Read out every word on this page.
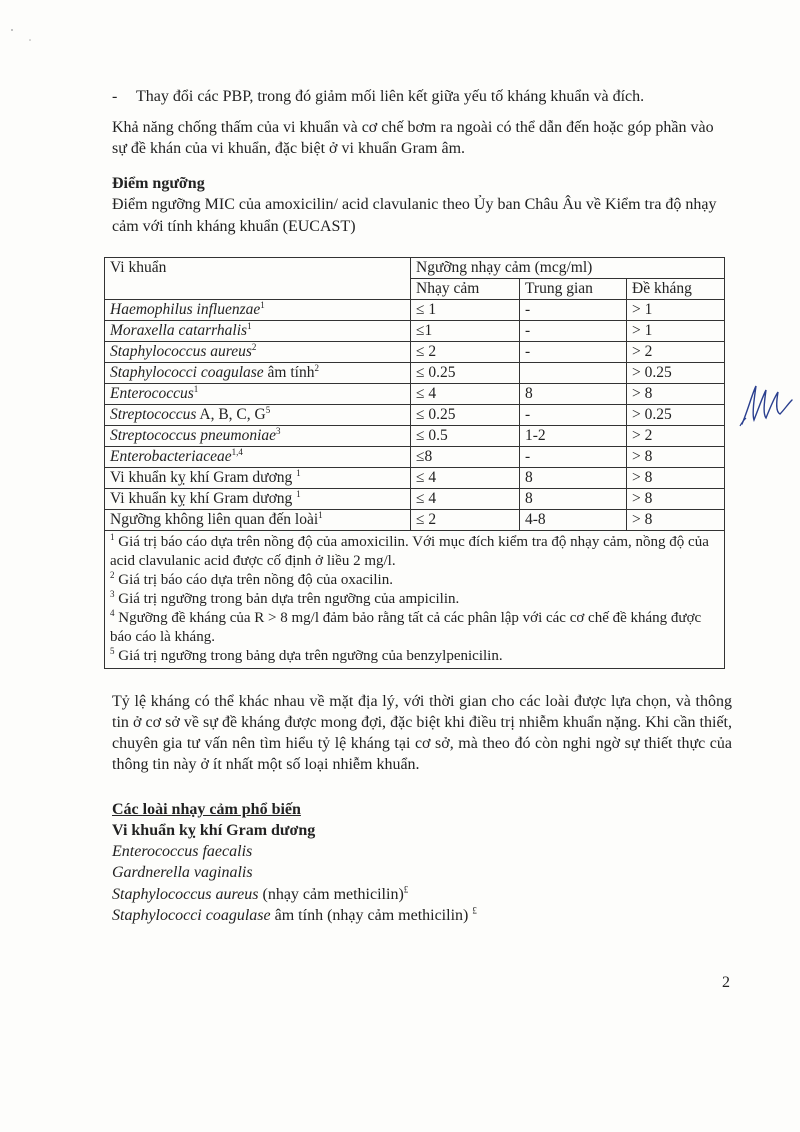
- Thay đổi các PBP, trong đó giảm mối liên kết giữa yếu tố kháng khuẩn và đích.

Khả năng chống thấm của vi khuẩn và cơ chế bơm ra ngoài có thể dẫn đến hoặc góp phần vào sự đề khán của vi khuẩn, đặc biệt ở vi khuẩn Gram âm.

Điểm ngưỡng

Điểm ngưỡng MIC của amoxicilin/ acid clavulanic theo Ủy ban Châu Âu về Kiểm tra độ nhạy cảm với tính kháng khuẩn (EUCAST)

Vi khuẩn	Ngưỡng nhạy cảm (mcg/ml)		
	Nhạy cảm	Trung gian	Đề kháng
Haemophilus influenzae$^1$	≤ 1	-	> 1
Moraxella catarrhalis$^1$	≤1	-	> 1
Staphylococcus aureus$^2$	≤ 2	-	> 2
Staphylococci coagulase âm tính$^2$	≤ 0.25		> 0.25
Enterococcus$^1$	≤ 4	8	> 8
Streptococcus A, B, C, $G^5$	≤ 0.25	-	> 0.25
Streptococcus pneumoniae$^3$	≤ 0.5	1-2	> 2
Enterobacteriaceae$^{1,4}$	≤8	-	> 8
Vi khuẩn kỵ khí Gram dương $^1$	≤ 4	8	> 8
Vi khuẩn kỵ khí Gram dương $^1$	≤ 4	8	> 8
Ngưỡng không liên quan đến loài$^1$	≤ 2	4-8	> 8

$^1$ Giá trị báo cáo dựa trên nồng độ của amoxicilin. Với mục đích kiểm tra độ nhạy cảm, nồng độ của acid clavulanic acid được cố định ở liều 2 mg/l.

$^2$ Giá trị báo cáo dựa trên nồng độ của oxacilin.

$^3$ Giá trị ngưỡng trong bản dựa trên ngưỡng của ampicilin.

$^4$ Ngưỡng đề kháng của R > 8 mg/l đảm bảo rằng tất cả các phân lập với các cơ chế đề kháng được báo cáo là kháng.

$^5$ Giá trị ngưỡng trong bảng dựa trên ngưỡng của benzylpenicilin.			

Tỷ lệ kháng có thể khác nhau về mặt địa lý, với thời gian cho các loài được lựa chọn, và thông tin ở cơ sở về sự đề kháng được mong đợi, đặc biệt khi điều trị nhiễm khuẩn nặng. Khi cần thiết, chuyên gia tư vấn nên tìm hiểu tỷ lệ kháng tại cơ sở, mà theo đó còn nghi ngờ sự thiết thực của thông tin này ở ít nhất một số loại nhiễm khuẩn.

Các loài nhạy cảm phổ biến

Vi khuẩn kỵ khí Gram dương

Enterococcus faecalis

Gardnerella vaginalis

Staphylococcus aureus (nhạy cảm methicilin)£

Staphylococci coagulase âm tính (nhạy cảm methicilin) £

2
